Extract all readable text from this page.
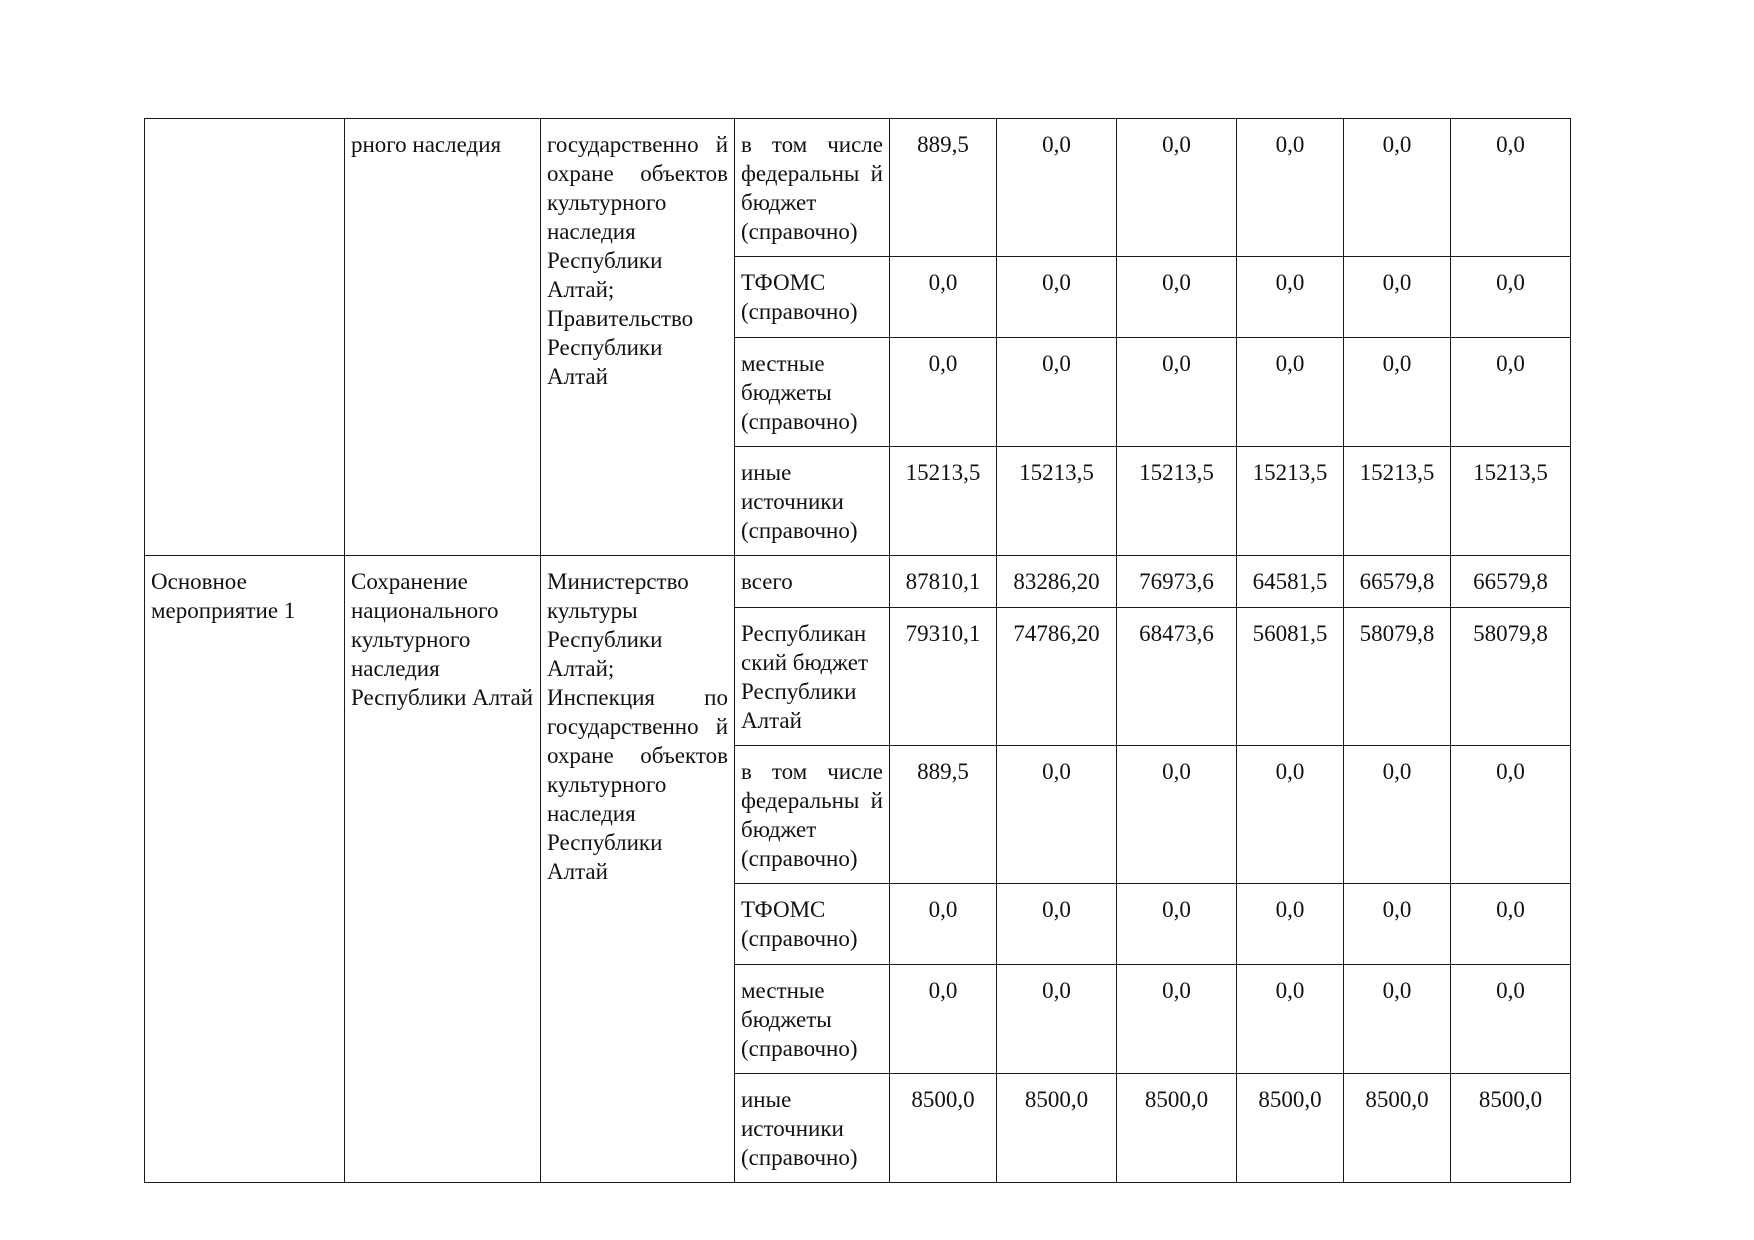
	рного наследия	государственно й охране объектов культурного наследия Республики Алтай; Правительство Республики Алтай	в том числе федеральны й бюджет (справочно)	889,5	0,0	0,0	0,0	0,0	0,0
			ТФОМС (справочно)	0,0	0,0	0,0	0,0	0,0	0,0
			местные бюджеты (справочно)	0,0	0,0	0,0	0,0	0,0	0,0
			иные источники (справочно)	15213,5	15213,5	15213,5	15213,5	15213,5	15213,5
Основное мероприятие 1	Сохранение национального культурного наследия Республики Алтай	Министерство культуры Республики Алтай; Инспекция по государственно й охране объектов культурного наследия Республики Алтай	всего	87810,1	83286,20	76973,6	64581,5	66579,8	66579,8
			Республикан ский бюджет Республики Алтай	79310,1	74786,20	68473,6	56081,5	58079,8	58079,8
			в том числе федеральны й бюджет (справочно)	889,5	0,0	0,0	0,0	0,0	0,0
			ТФОМС (справочно)	0,0	0,0	0,0	0,0	0,0	0,0
			местные бюджеты (справочно)	0,0	0,0	0,0	0,0	0,0	0,0
			иные источники (справочно)	8500,0	8500,0	8500,0	8500,0	8500,0	8500,0
